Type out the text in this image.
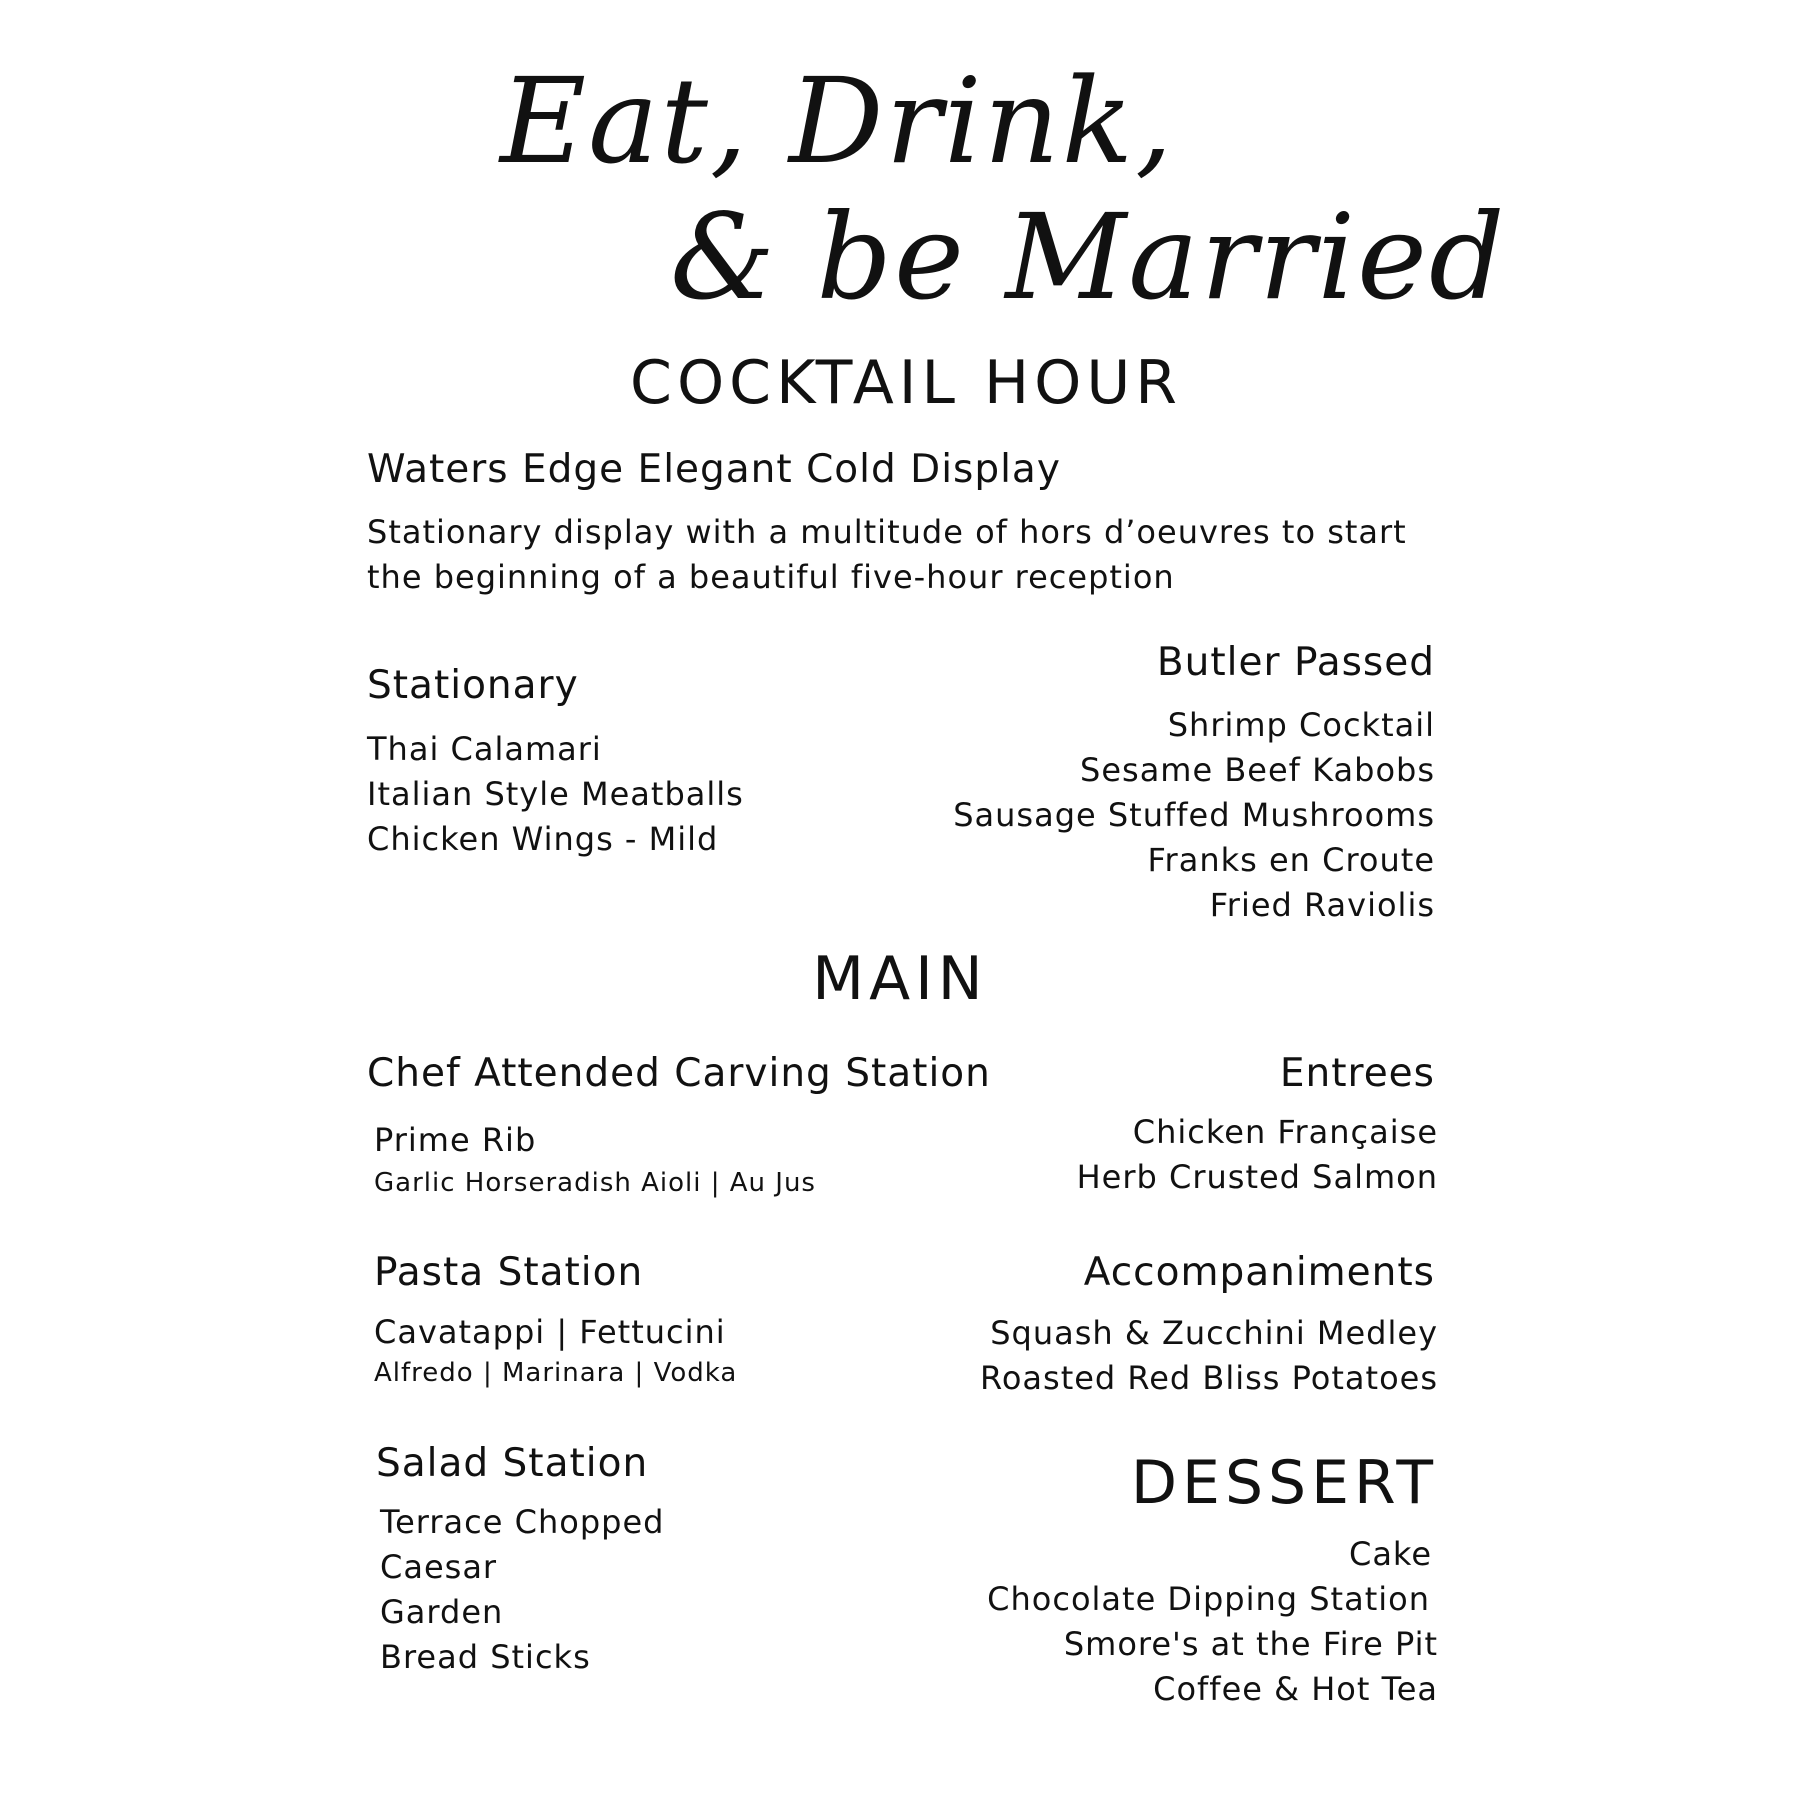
Eat, Drink,
& be Married
COCKTAIL HOUR
Waters Edge Elegant Cold Display
Stationary display with a multitude of hors d’oeuvres to start
the beginning of a beautiful five-hour reception
Stationary
Thai Calamari
Italian Style Meatballs
Chicken Wings - Mild
Butler Passed
Shrimp Cocktail
Sesame Beef Kabobs
Sausage Stuffed Mushrooms
Franks en Croute
Fried Raviolis
MAIN
Chef Attended Carving Station
Prime Rib
Garlic Horseradish Aioli | Au Jus
Entrees
Chicken Française
Herb Crusted Salmon
Pasta Station
Cavatappi | Fettucini
Alfredo | Marinara | Vodka
Accompaniments
Squash & Zucchini Medley
Roasted Red Bliss Potatoes
Salad Station
Terrace Chopped
Caesar
Garden
Bread Sticks
DESSERT
Cake
Chocolate Dipping Station
Smore's at the Fire Pit
Coffee & Hot Tea
